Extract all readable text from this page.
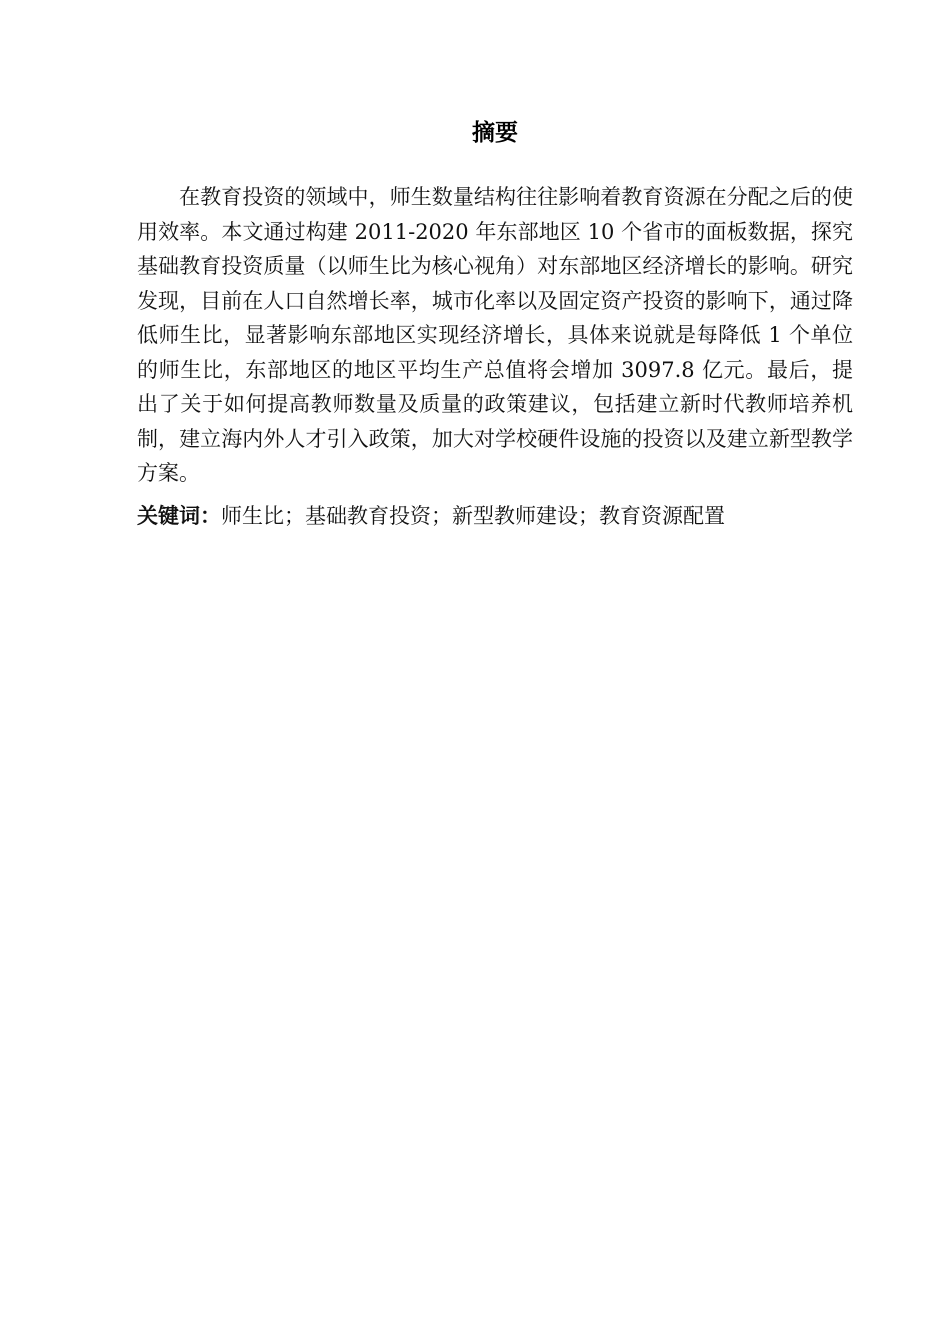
摘要

在教育投资的领域中，师生数量结构往往影响着教育资源在分配之后的使用效率。本文通过构建 2011-2020 年东部地区 10 个省市的面板数据，探究基础教育投资质量（以师生比为核心视角）对东部地区经济增长的影响。研究发现，目前在人口自然增长率，城市化率以及固定资产投资的影响下，通过降低师生比，显著影响东部地区实现经济增长，具体来说就是每降低 1 个单位的师生比，东部地区的地区平均生产总值将会增加 3097.8 亿元。最后，提出了关于如何提高教师数量及质量的政策建议，包括建立新时代教师培养机制，建立海内外人才引入政策，加大对学校硬件设施的投资以及建立新型教学方案。

关键词：师生比；基础教育投资；新型教师建设；教育资源配置
